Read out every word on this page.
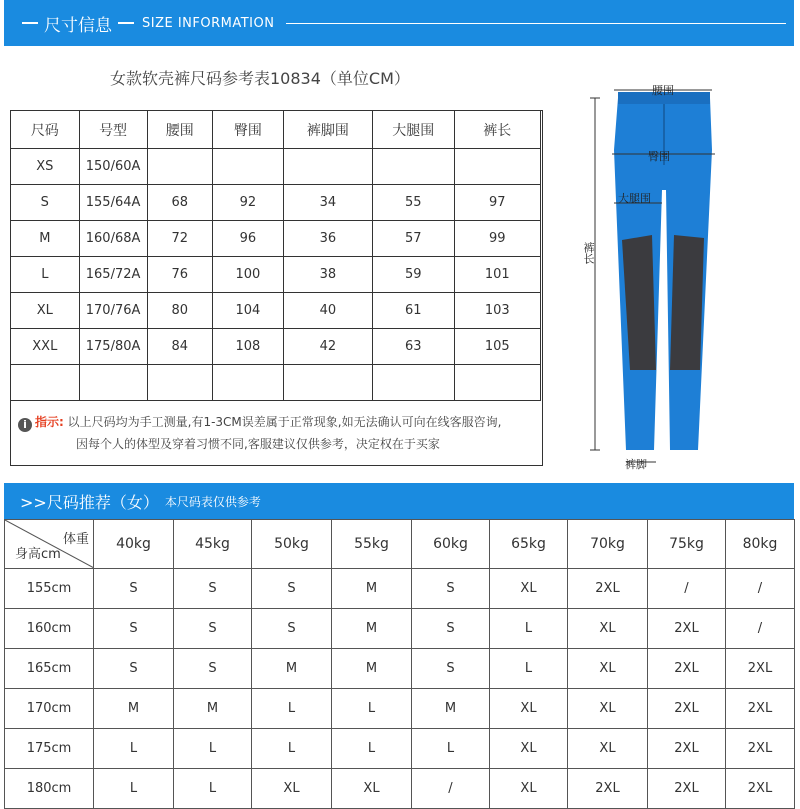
尺寸信息 SIZE INFORMATION
女款软壳裤尺码参考表10834（单位CM）
尺码	号型	腰围	臀围	裤脚围	大腿围	裤长
XS	150/60A					
S	155/64A	68	92	34	55	97
M	160/68A	72	96	36	57	99
L	165/72A	76	100	38	59	101
XL	170/76A	80	104	40	61	103
XXL	175/80A	84	108	42	63	105

i 指示: 以上尺码均为手工测量,有1-3CM误差属于正常现象,如无法确认可向在线客服咨询,
因每个人的体型及穿着习惯不同,客服建议仅供参考，决定权在于买家
腰围
臀围
大腿围
裤长
裤脚
>>尺码推荐（女） 本尺码表仅供参考
体重
身高cm	40kg	45kg	50kg	55kg	60kg	65kg	70kg	75kg	80kg
155cm	S	S	S	M	S	XL	2XL	/	/
160cm	S	S	S	M	S	L	XL	2XL	/
165cm	S	S	M	M	S	L	XL	2XL	2XL
170cm	M	M	L	L	M	XL	XL	2XL	2XL
175cm	L	L	L	L	L	XL	XL	2XL	2XL
180cm	L	L	XL	XL	/	XL	2XL	2XL	2XL
